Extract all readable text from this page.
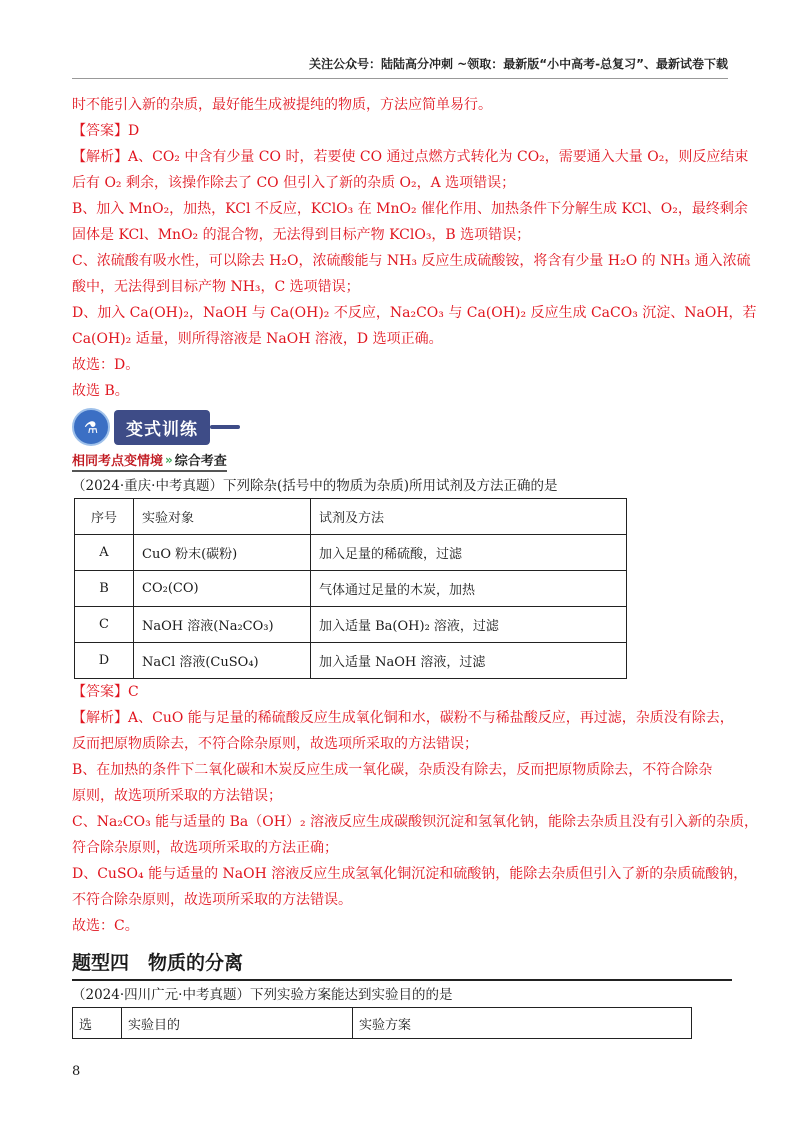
关注公众号：陆陆高分冲刺 ~领取：最新版“小中高考-总复习”、最新试卷下载
时不能引入新的杂质，最好能生成被提纯的物质，方法应简单易行。
【答案】D
【解析】A、CO₂ 中含有少量 CO 时，若要使 CO 通过点燃方式转化为 CO₂，需要通入大量 O₂，则反应结束
后有 O₂ 剩余，该操作除去了 CO 但引入了新的杂质 O₂，A 选项错误；
B、加入 MnO₂，加热，KCl 不反应，KClO₃ 在 MnO₂ 催化作用、加热条件下分解生成 KCl、O₂，最终剩余
固体是 KCl、MnO₂ 的混合物，无法得到目标产物 KClO₃，B 选项错误；
C、浓硫酸有吸水性，可以除去 H₂O，浓硫酸能与 NH₃ 反应生成硫酸铵，将含有少量 H₂O 的 NH₃ 通入浓硫
酸中，无法得到目标产物 NH₃，C 选项错误；
D、加入 Ca(OH)₂，NaOH 与 Ca(OH)₂ 不反应，Na₂CO₃ 与 Ca(OH)₂ 反应生成 CaCO₃ 沉淀、NaOH，若
Ca(OH)₂ 适量，则所得溶液是 NaOH 溶液，D 选项正确。
故选：D。
故选 B。
⚗	变式训练
相同考点变情境 » 综合考查
（2024·重庆·中考真题）下列除杂(括号中的物质为杂质)所用试剂及方法正确的是
序号	实验对象	试剂及方法
A	CuO 粉末(碳粉)	加入足量的稀硫酸，过滤
B	CO₂(CO)	气体通过足量的木炭，加热
C	NaOH 溶液(Na₂CO₃)	加入适量 Ba(OH)₂ 溶液，过滤
D	NaCl 溶液(CuSO₄)	加入适量 NaOH 溶液，过滤
【答案】C
【解析】A、CuO 能与足量的稀硫酸反应生成氧化铜和水，碳粉不与稀盐酸反应，再过滤，杂质没有除去，
反而把原物质除去，不符合除杂原则，故选项所采取的方法错误；
B、在加热的条件下二氧化碳和木炭反应生成一氧化碳，杂质没有除去，反而把原物质除去，不符合除杂
原则，故选项所采取的方法错误；
C、Na₂CO₃ 能与适量的 Ba（OH）₂ 溶液反应生成碳酸钡沉淀和氢氧化钠，能除去杂质且没有引入新的杂质，
符合除杂原则，故选项所采取的方法正确；
D、CuSO₄ 能与适量的 NaOH 溶液反应生成氢氧化铜沉淀和硫酸钠，能除去杂质但引入了新的杂质硫酸钠，
不符合除杂原则，故选项所采取的方法错误。
故选：C。
题型四　物质的分离
（2024·四川广元·中考真题）下列实验方案能达到实验目的的是
选	实验目的	实验方案
8
